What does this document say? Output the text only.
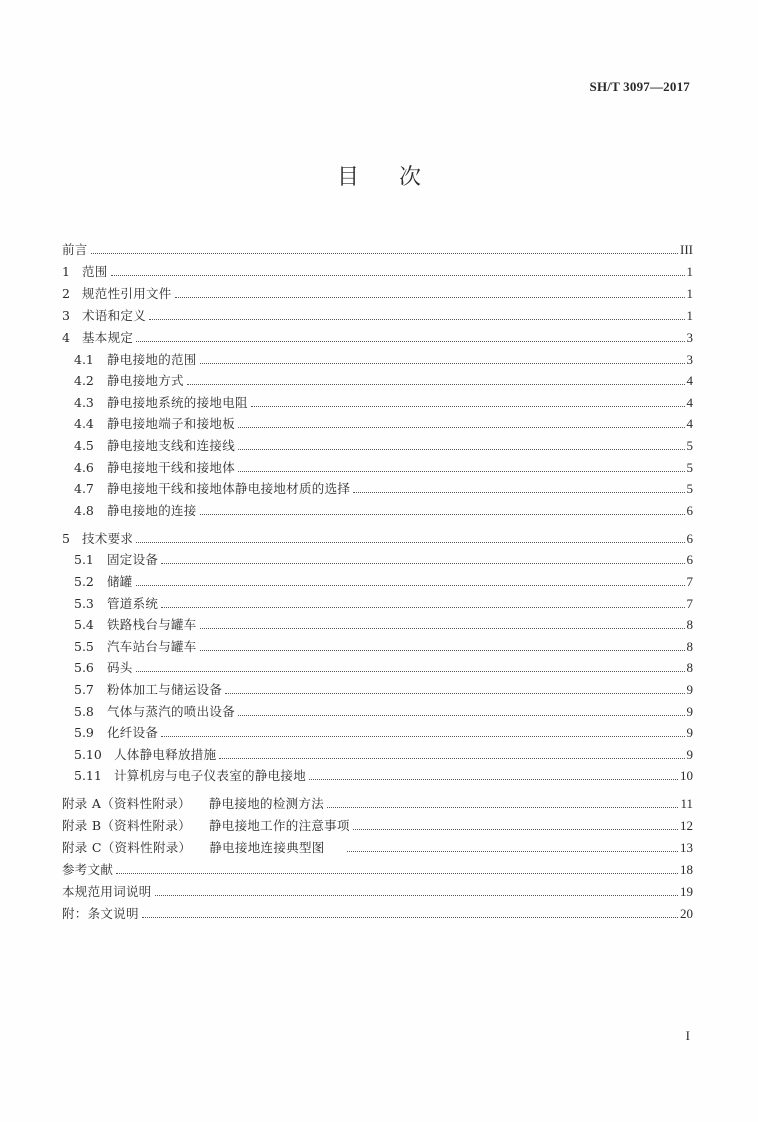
SH/T 3097—2017
目次
前言	III
1 范围	1
2 规范性引用文件	1
3 术语和定义	1
4 基本规定	3
4.1	静电接地的范围	3
4.2	静电接地方式	4
4.3	静电接地系统的接地电阻	4
4.4	静电接地端子和接地板	4
4.5	静电接地支线和连接线	5
4.6	静电接地干线和接地体	5
4.7	静电接地干线和接地体静电接地材质的选择	5
4.8	静电接地的连接	6
5 技术要求	6
5.1	固定设备	6
5.2	储罐	7
5.3	管道系统	7
5.4	铁路栈台与罐车	8
5.5	汽车站台与罐车	8
5.6	码头	8
5.7	粉体加工与储运设备	9
5.8	气体与蒸汽的喷出设备	9
5.9	化纤设备	9
5.10 人体静电释放措施	9
5.11 计算机房与电子仪表室的静电接地	10
附录 A（资料性附录）	静电接地的检测方法	11
附录 B（资料性附录）	静电接地工作的注意事项	12
附录 C（资料性附录）	静电接地连接典型图	13
参考文献	18
本规范用词说明	19
附：条文说明	20
I
